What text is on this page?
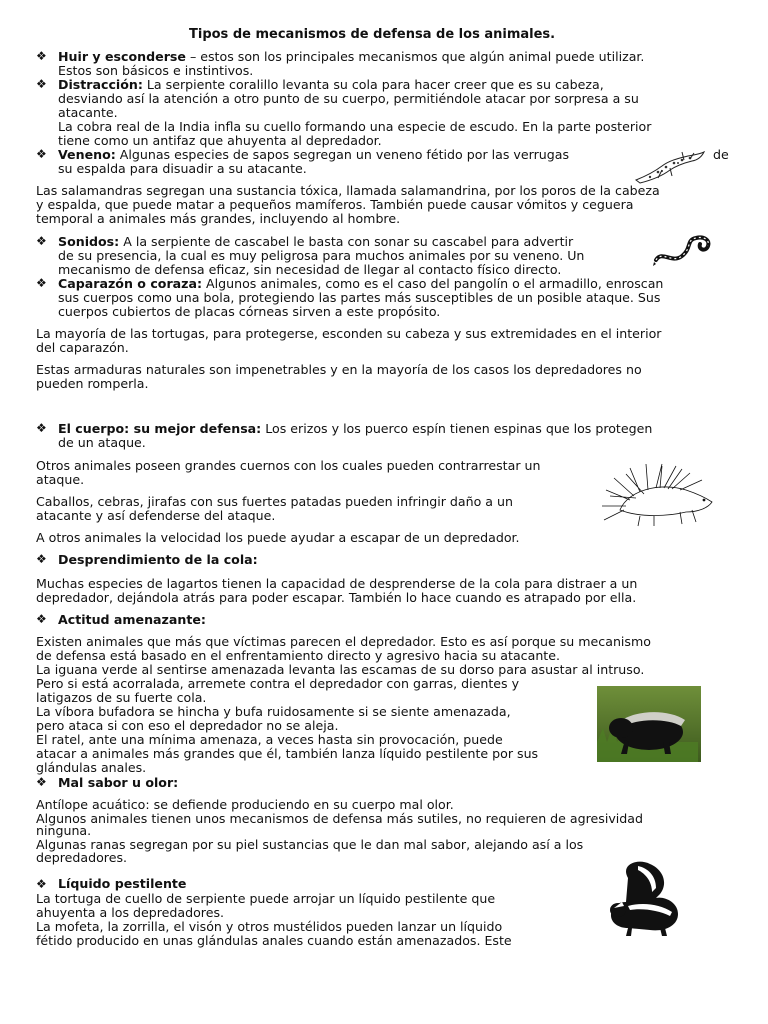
Tipos de mecanismos de defensa de los animales.
❖ Huir y esconderse – estos son los principales mecanismos que algún animal puede utilizar.
Estos son básicos e instintivos.
❖ Distracción: La serpiente coralillo levanta su cola para hacer creer que es su cabeza,
desviando así la atención a otro punto de su cuerpo, permitiéndole atacar por sorpresa a su
atacante.
La cobra real de la India infla su cuello formando una especie de escudo. En la parte posterior
tiene como un antifaz que ahuyenta al depredador.
❖ Veneno: Algunas especies de sapos segregan un veneno fétido por las verrugas	de
su espalda para disuadir a su atacante.
Las salamandras segregan una sustancia tóxica, llamada salamandrina, por los poros de la cabeza
y espalda, que puede matar a pequeños mamíferos. También puede causar vómitos y ceguera
temporal a animales más grandes, incluyendo al hombre.
❖ Sonidos: A la serpiente de cascabel le basta con sonar su cascabel para advertir
de su presencia, la cual es muy peligrosa para muchos animales por su veneno. Un
mecanismo de defensa eficaz, sin necesidad de llegar al contacto físico directo.
❖ Caparazón o coraza: Algunos animales, como es el caso del pangolín o el armadillo, enroscan
sus cuerpos como una bola, protegiendo las partes más susceptibles de un posible ataque. Sus
cuerpos cubiertos de placas córneas sirven a este propósito.
La mayoría de las tortugas, para protegerse, esconden su cabeza y sus extremidades en el interior
del caparazón.
Estas armaduras naturales son impenetrables y en la mayoría de los casos los depredadores no
pueden romperla.
❖ El cuerpo: su mejor defensa: Los erizos y los puerco espín tienen espinas que los protegen
de un ataque.
Otros animales poseen grandes cuernos con los cuales pueden contrarrestar un
ataque.
Caballos, cebras, jirafas con sus fuertes patadas pueden infringir daño a un
atacante y así defenderse del ataque.
A otros animales la velocidad los puede ayudar a escapar de un depredador.
❖ Desprendimiento de la cola:
Muchas especies de lagartos tienen la capacidad de desprenderse de la cola para distraer a un
depredador, dejándola atrás para poder escapar. También lo hace cuando es atrapado por ella.
❖ Actitud amenazante:
Existen animales que más que víctimas parecen el depredador. Esto es así porque su mecanismo
de defensa está basado en el enfrentamiento directo y agresivo hacia su atacante.
La iguana verde al sentirse amenazada levanta las escamas de su dorso para asustar al intruso.
Pero si está acorralada, arremete contra el depredador con garras, dientes y
latigazos de su fuerte cola.
La víbora bufadora se hincha y bufa ruidosamente si se siente amenazada,
pero ataca si con eso el depredador no se aleja.
El ratel, ante una mínima amenaza, a veces hasta sin provocación, puede
atacar a animales más grandes que él, también lanza líquido pestilente por sus
glándulas anales.
❖ Mal sabor u olor:
Antílope acuático: se defiende produciendo en su cuerpo mal olor.
Algunos animales tienen unos mecanismos de defensa más sutiles, no requieren de agresividad
ninguna.
Algunas ranas segregan por su piel sustancias que le dan mal sabor, alejando así a los
depredadores.
❖ Líquido pestilente
La tortuga de cuello de serpiente puede arrojar un líquido pestilente que
ahuyenta a los depredadores.
La mofeta, la zorrilla, el visón y otros mustélidos pueden lanzar un líquido
fétido producido en unas glándulas anales cuando están amenazados. Este
